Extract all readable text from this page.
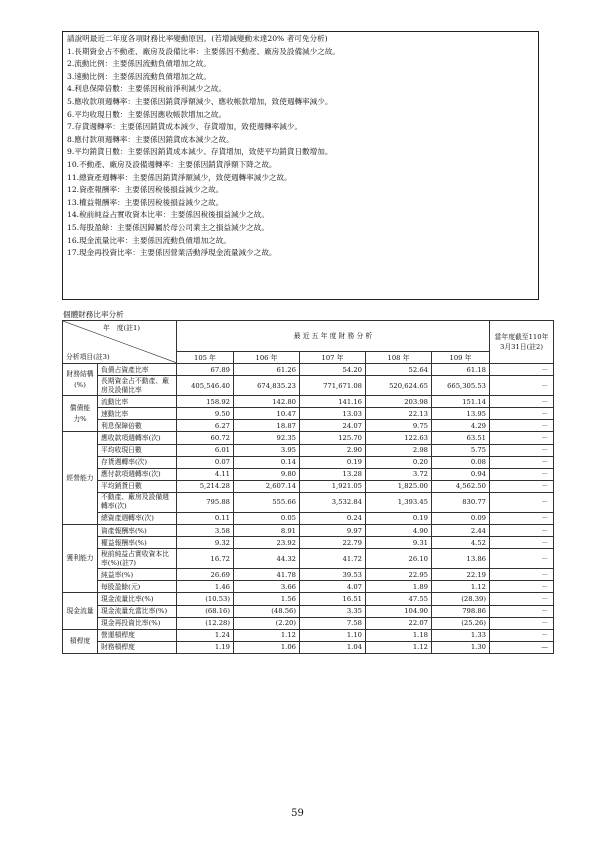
請說明最近二年度各項財務比率變動原因。(若增減變動未達20% 者可免分析)
1.長期資金占不動產、廠房及設備比率：主要係因不動產、廠房及設備減少之故。
2.流動比例：主要係因流動負債增加之故。
3.速動比例：主要係因流動負債增加之故。
4.利息保障倍數：主要係因稅前淨利減少之故。
5.應收款項週轉率：主要係因銷貨淨額減少、應收帳款增加，致使週轉率減少。
6.平均收現日數：主要係因應收帳款增加之故。
7.存貨週轉率：主要係因銷貨成本減少、存貨增加，致使週轉率減少。
8.應付款項週轉率：主要係因銷貨成本減少之故。
9.平均銷貨日數：主要係因銷貨成本減少、存貨增加，致使平均銷貨日數增加。
10.不動產、廠房及設備週轉率：主要係因銷貨淨額下降之故。
11.總資產週轉率：主要係因銷貨淨額減少，致使週轉率減少之故。
12.資產報酬率：主要係因稅後損益減少之故。
13.權益報酬率：主要係因稅後損益減少之故。
14.稅前純益占實收資本比率：主要係因稅後損益減少之故。
15.每股盈餘：主要係因歸屬於母公司業主之損益減少之故。
16.現金流量比率：主要係因流動負債增加之故。
17.現金再投資比率：主要係因營業活動淨現金流量減少之故。
個體財務比率分析
年　度(註1)
分析項目(註3)		最 近 五 年 度 財 務 分 析					當年度截至110年3月31日(註2)
		105 年	106 年	107 年	108 年	109 年	
財務結構(%)	負債占資產比率	67.89	61.26	54.20	52.64	61.18	－
	長期資金占不動產、廠房及設備比率	405,546.40	674,835.23	771,671.08	520,624.65	665,305.53	－
償債能力%	流動比率	158.92	142.80	141.16	203.98	151.14	－
	速動比率	9.50	10.47	13.03	22.13	13.95	－
	利息保障倍數	6.27	18.87	24.07	9.75	4.29	－
經營能力	應收款項週轉率(次)	60.72	92.35	125.70	122.63	63.51	－
	平均收現日數	6.01	3.95	2.90	2.98	5.75	－
	存貨週轉率(次)	0.07	0.14	0.19	0.20	0.08	－
	應付款項週轉率(次)	4.11	9.80	13.28	3.72	0.94	－
	平均銷貨日數	5,214.28	2,607.14	1,921.05	1,825.00	4,562.50	－
	不動產、廠房及設備週轉率(次)	795.88	555.66	3,532.84	1,393.45	830.77	－
	總資產週轉率(次)	0.11	0.05	0.24	0.19	0.09	－
獲利能力	資產報酬率(%)	3.58	8.91	9.97	4.90	2.44	－
	權益報酬率(%)	9.32	23.92	22.79	9.31	4.52	－
	稅前純益占實收資本比率(%)(註7)	16.72	44.32	41.72	26.10	13.86	－
	純益率(%)	26.69	41.78	39.53	22.95	22.19	－
	每股盈餘(元)	1.46	3.66	4.07	1.89	1.12	－
現金流量	現金流量比率(%)	(10.53)	1.56	16.51	47.55	(28.39)	－
	現金流量允當比率(%)	(68.16)	(48.56)	3.35	104.90	798.86	－
	現金再投資比率(%)	(12.28)	(2.20)	7.58	22.07	(25.26)	－
槓桿度	營運槓桿度	1.24	1.12	1.10	1.18	1.33	－
	財務槓桿度	1.19	1.06	1.04	1.12	1.30	—
59
